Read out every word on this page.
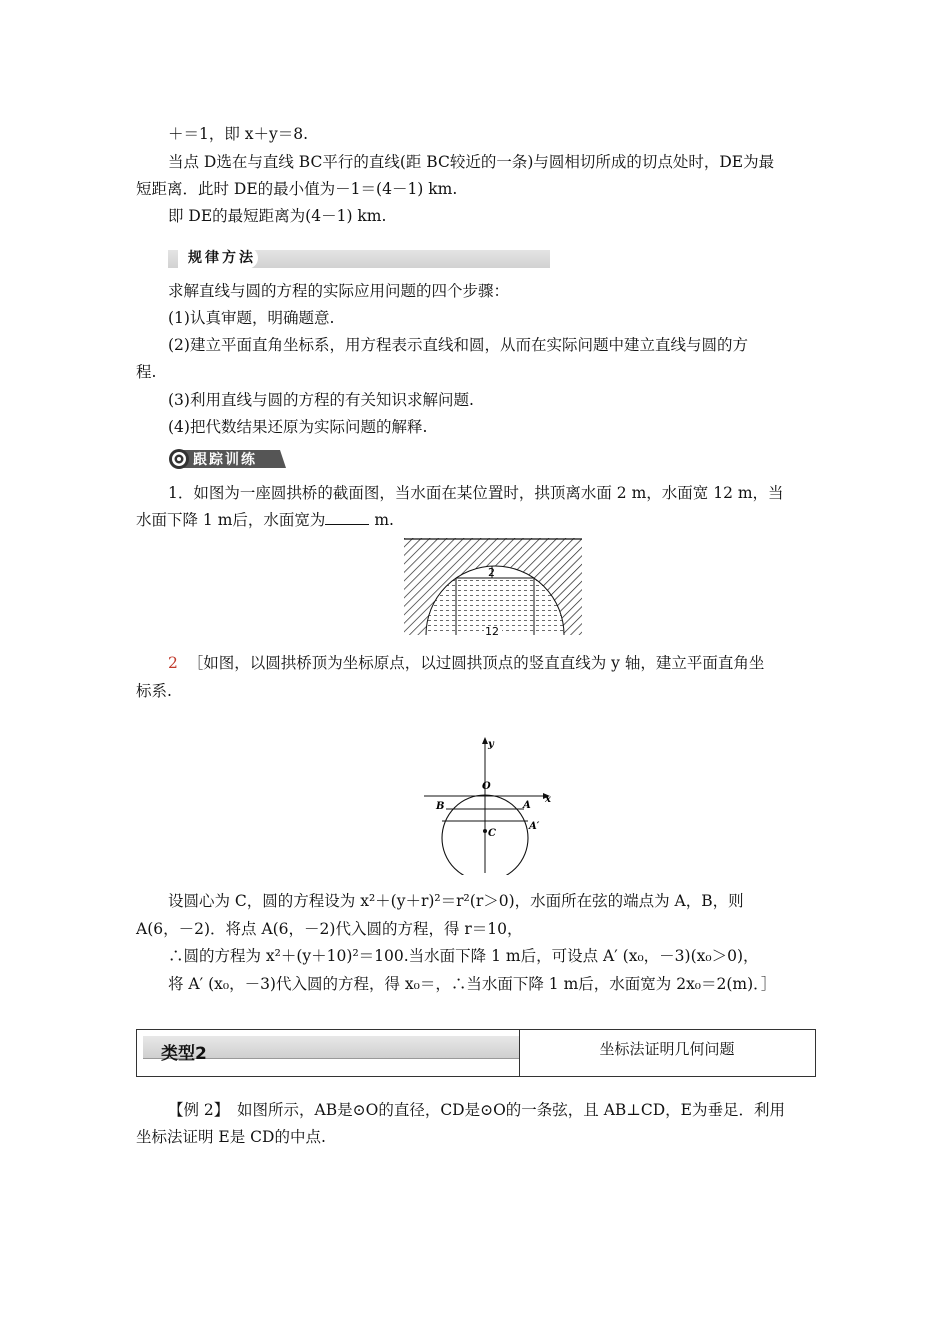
＋＝1，即 x＋y＝8.
当点 D选在与直线 BC平行的直线(距 BC较近的一条)与圆相切所成的切点处时，DE为最
短距离．此时 DE的最小值为－1＝(4－1) km.
即 DE的最短距离为(4－1) km.
规律方法
求解直线与圆的方程的实际应用问题的四个步骤：
(1)认真审题，明确题意.
(2)建立平面直角坐标系，用方程表示直线和圆，从而在实际问题中建立直线与圆的方
程.
(3)利用直线与圆的方程的有关知识求解问题.
(4)把代数结果还原为实际问题的解释.
跟踪训练
1．如图为一座圆拱桥的截面图，当水面在某位置时，拱顶离水面 2 m，水面宽 12 m，当
水面下降 1 m后，水面宽为	m.
2
12
2 ［如图，以圆拱桥顶为坐标原点，以过圆拱顶点的竖直直线为 y 轴，建立平面直角坐
标系.
y
x
O
B	A
A′
C
设圆心为 C，圆的方程设为 x²＋(y＋r)²＝r²(r＞0)，水面所在弦的端点为 A，B，则
A(6，－2)．将点 A(6，－2)代入圆的方程，得 r＝10，
∴圆的方程为 x²＋(y＋10)²＝100.当水面下降 1 m后，可设点 A′ (x₀，－3)(x₀＞0)，
将 A′ (x₀，－3)代入圆的方程，得 x₀＝，∴当水面下降 1 m后，水面宽为 2x₀＝2(m)．］
类型2	坐标法证明几何问题
【例 2】　如图所示，AB是⊙O的直径，CD是⊙O的一条弦，且 AB⊥CD，E为垂足．利用
坐标法证明 E是 CD的中点.
